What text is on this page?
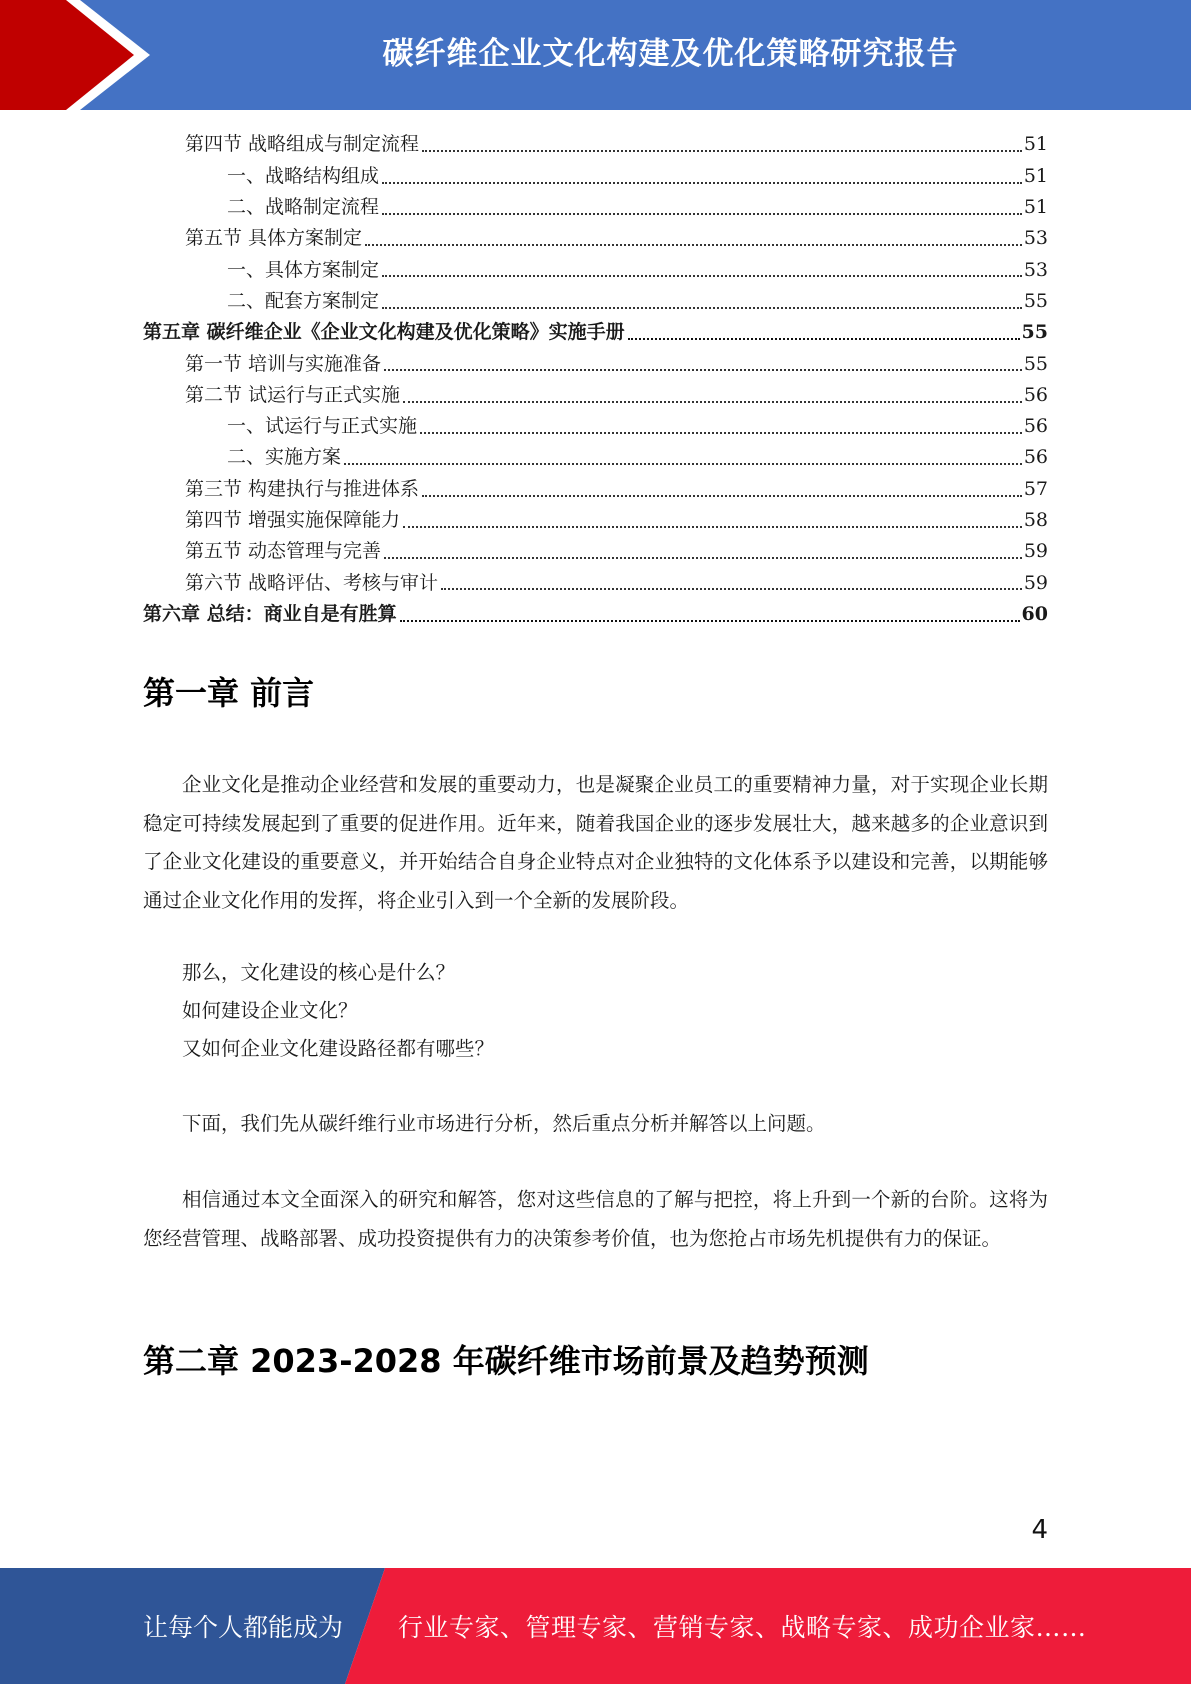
碳纤维企业文化构建及优化策略研究报告
第四节 战略组成与制定流程	51
一、战略结构组成	51
二、战略制定流程	51
第五节 具体方案制定	53
一、具体方案制定	53
二、配套方案制定	55
第五章 碳纤维企业《企业文化构建及优化策略》实施手册	55
第一节 培训与实施准备	55
第二节 试运行与正式实施	56
一、试运行与正式实施	56
二、实施方案	56
第三节 构建执行与推进体系	57
第四节 增强实施保障能力	58
第五节 动态管理与完善	59
第六节 战略评估、考核与审计	59
第六章 总结：商业自是有胜算	60
第一章 前言

企业文化是推动企业经营和发展的重要动力，也是凝聚企业员工的重要精神力量，对于实现企业长期稳定可持续发展起到了重要的促进作用。近年来，随着我国企业的逐步发展壮大，越来越多的企业意识到了企业文化建设的重要意义，并开始结合自身企业特点对企业独特的文化体系予以建设和完善，以期能够通过企业文化作用的发挥，将企业引入到一个全新的发展阶段。

那么，文化建设的核心是什么？

如何建设企业文化？

又如何企业文化建设路径都有哪些？

下面，我们先从碳纤维行业市场进行分析，然后重点分析并解答以上问题。

相信通过本文全面深入的研究和解答，您对这些信息的了解与把控，将上升到一个新的台阶。这将为您经营管理、战略部署、成功投资提供有力的决策参考价值，也为您抢占市场先机提供有力的保证。

第二章 2023-2028 年碳纤维市场前景及趋势预测
4
让每个人都能成为 行业专家、管理专家、营销专家、战略专家、成功企业家……
